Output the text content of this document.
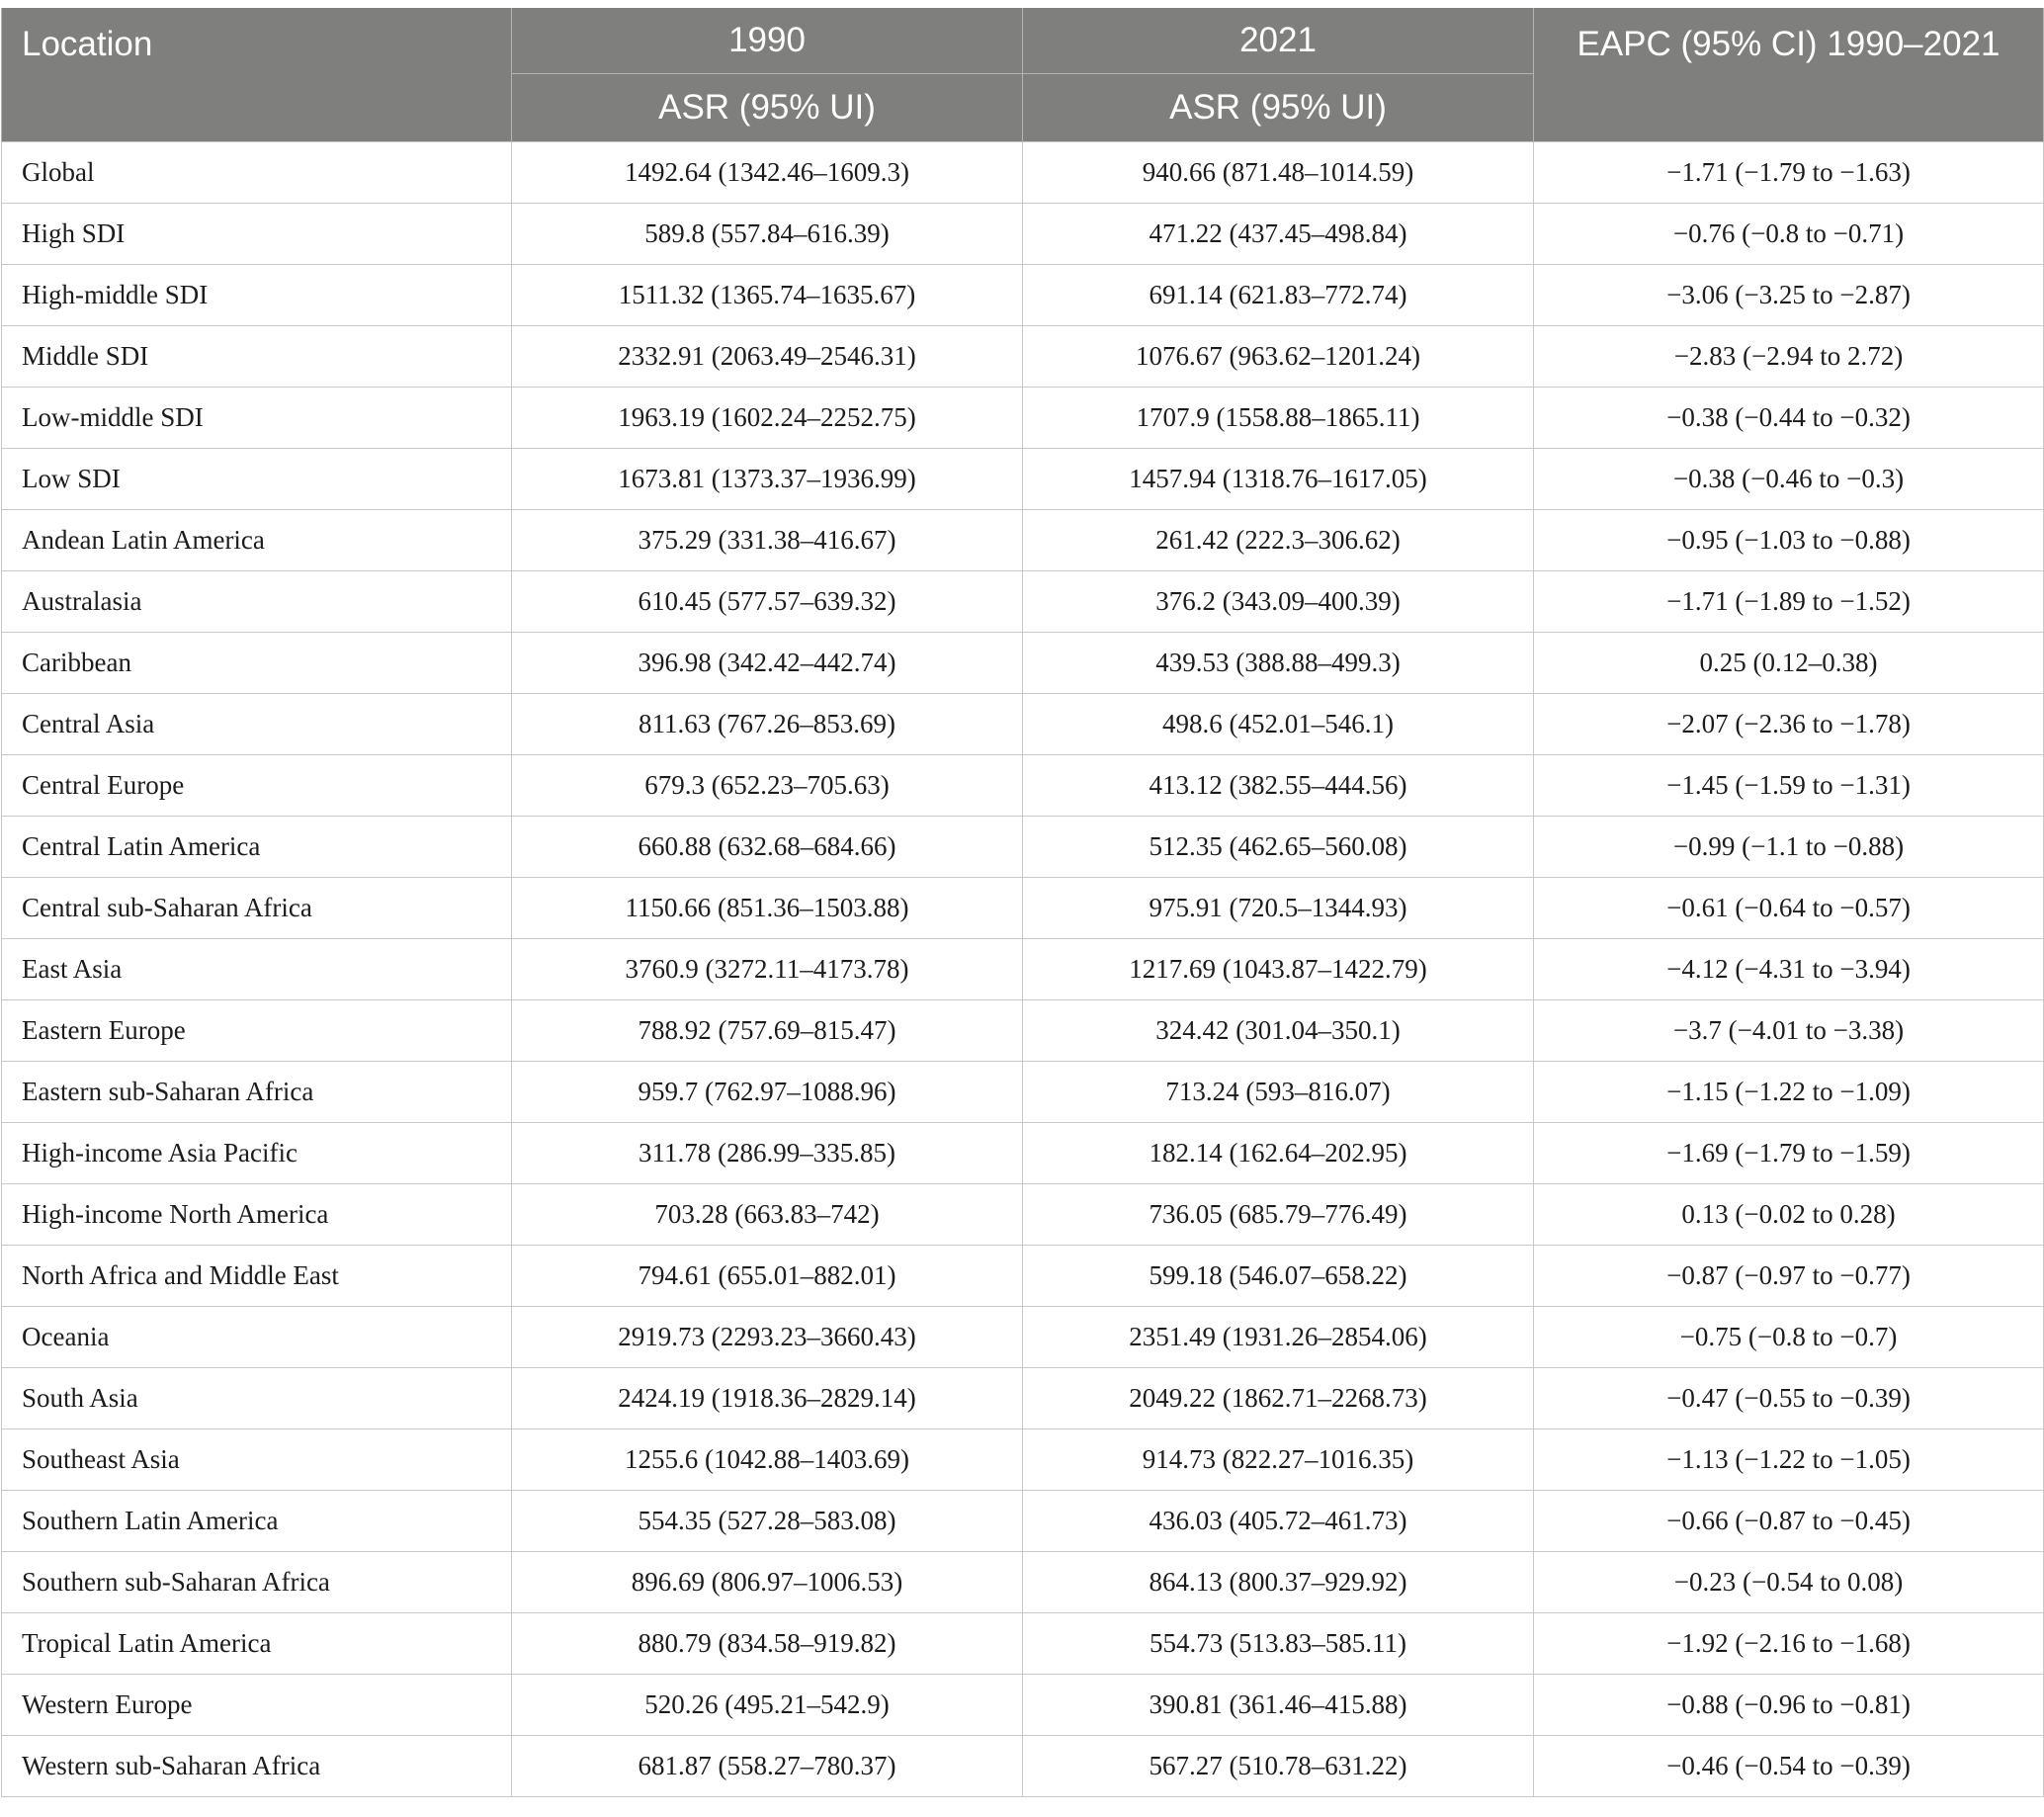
Location	1990	2021	EAPC (95% CI) 1990–2021
	ASR (95% UI)	ASR (95% UI)	
Global	1492.64 (1342.46–1609.3)	940.66 (871.48–1014.59)	−1.71 (−1.79 to −1.63)
High SDI	589.8 (557.84–616.39)	471.22 (437.45–498.84)	−0.76 (−0.8 to −0.71)
High-middle SDI	1511.32 (1365.74–1635.67)	691.14 (621.83–772.74)	−3.06 (−3.25 to −2.87)
Middle SDI	2332.91 (2063.49–2546.31)	1076.67 (963.62–1201.24)	−2.83 (−2.94 to 2.72)
Low-middle SDI	1963.19 (1602.24–2252.75)	1707.9 (1558.88–1865.11)	−0.38 (−0.44 to −0.32)
Low SDI	1673.81 (1373.37–1936.99)	1457.94 (1318.76–1617.05)	−0.38 (−0.46 to −0.3)
Andean Latin America	375.29 (331.38–416.67)	261.42 (222.3–306.62)	−0.95 (−1.03 to −0.88)
Australasia	610.45 (577.57–639.32)	376.2 (343.09–400.39)	−1.71 (−1.89 to −1.52)
Caribbean	396.98 (342.42–442.74)	439.53 (388.88–499.3)	0.25 (0.12–0.38)
Central Asia	811.63 (767.26–853.69)	498.6 (452.01–546.1)	−2.07 (−2.36 to −1.78)
Central Europe	679.3 (652.23–705.63)	413.12 (382.55–444.56)	−1.45 (−1.59 to −1.31)
Central Latin America	660.88 (632.68–684.66)	512.35 (462.65–560.08)	−0.99 (−1.1 to −0.88)
Central sub-Saharan Africa	1150.66 (851.36–1503.88)	975.91 (720.5–1344.93)	−0.61 (−0.64 to −0.57)
East Asia	3760.9 (3272.11–4173.78)	1217.69 (1043.87–1422.79)	−4.12 (−4.31 to −3.94)
Eastern Europe	788.92 (757.69–815.47)	324.42 (301.04–350.1)	−3.7 (−4.01 to −3.38)
Eastern sub-Saharan Africa	959.7 (762.97–1088.96)	713.24 (593–816.07)	−1.15 (−1.22 to −1.09)
High-income Asia Pacific	311.78 (286.99–335.85)	182.14 (162.64–202.95)	−1.69 (−1.79 to −1.59)
High-income North America	703.28 (663.83–742)	736.05 (685.79–776.49)	0.13 (−0.02 to 0.28)
North Africa and Middle East	794.61 (655.01–882.01)	599.18 (546.07–658.22)	−0.87 (−0.97 to −0.77)
Oceania	2919.73 (2293.23–3660.43)	2351.49 (1931.26–2854.06)	−0.75 (−0.8 to −0.7)
South Asia	2424.19 (1918.36–2829.14)	2049.22 (1862.71–2268.73)	−0.47 (−0.55 to −0.39)
Southeast Asia	1255.6 (1042.88–1403.69)	914.73 (822.27–1016.35)	−1.13 (−1.22 to −1.05)
Southern Latin America	554.35 (527.28–583.08)	436.03 (405.72–461.73)	−0.66 (−0.87 to −0.45)
Southern sub-Saharan Africa	896.69 (806.97–1006.53)	864.13 (800.37–929.92)	−0.23 (−0.54 to 0.08)
Tropical Latin America	880.79 (834.58–919.82)	554.73 (513.83–585.11)	−1.92 (−2.16 to −1.68)
Western Europe	520.26 (495.21–542.9)	390.81 (361.46–415.88)	−0.88 (−0.96 to −0.81)
Western sub-Saharan Africa	681.87 (558.27–780.37)	567.27 (510.78–631.22)	−0.46 (−0.54 to −0.39)
